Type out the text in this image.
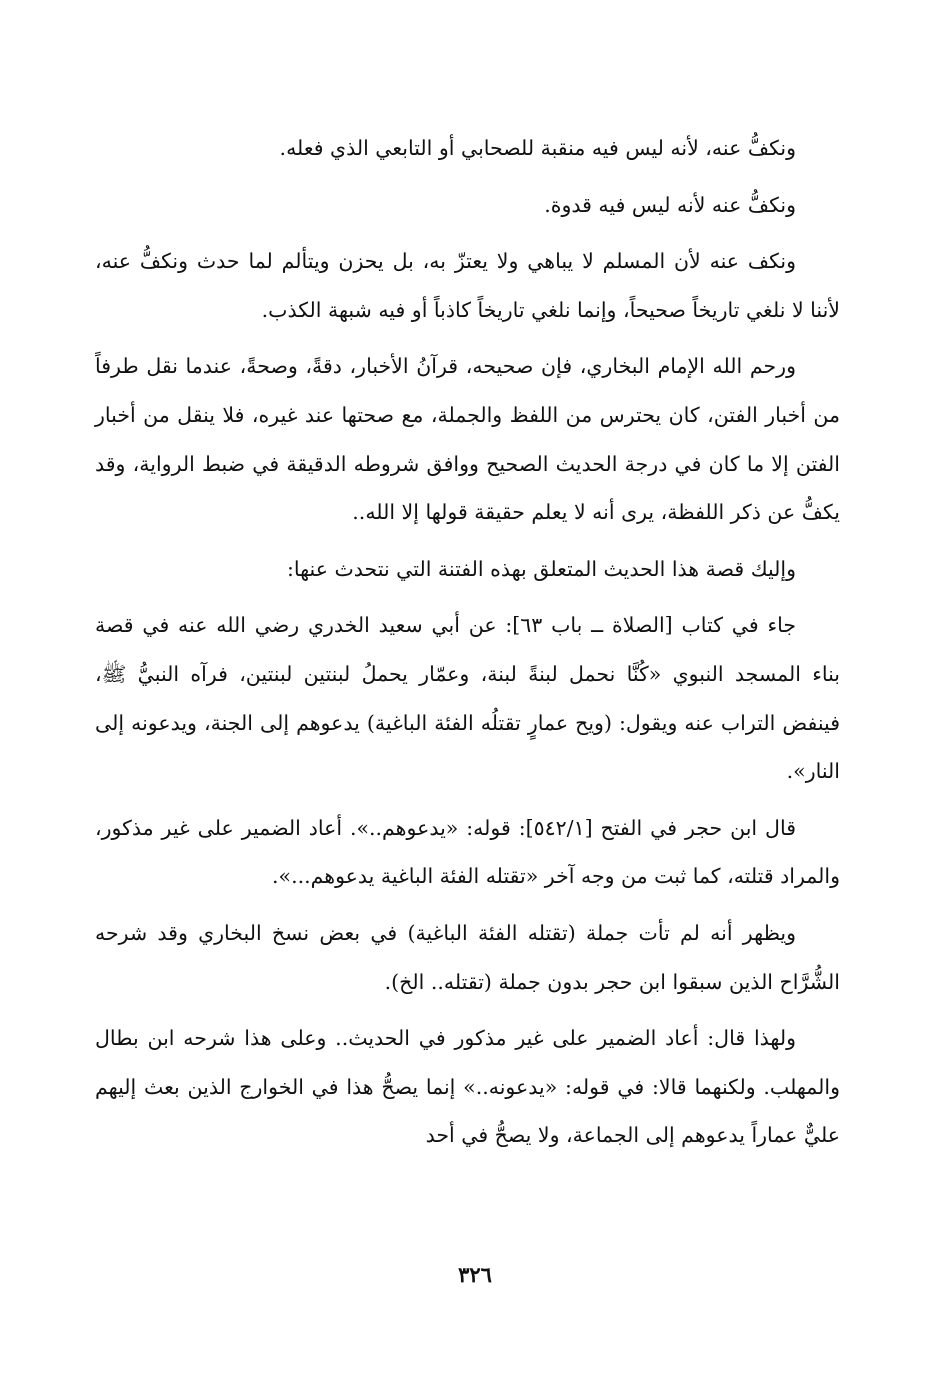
ونكفُّ عنه، لأنه ليس فيه منقبة للصحابي أو التابعي الذي فعله.

ونكفُّ عنه لأنه ليس فيه قدوة.

ونكف عنه لأن المسلم لا يباهي ولا يعتزّ به، بل يحزن ويتألم لما حدث ونكفُّ عنه، لأننا لا نلغي تاريخاً صحيحاً، وإنما نلغي تاريخاً كاذباً أو فيه شبهة الكذب.

ورحم الله الإمام البخاري، فإن صحيحه، قرآنُ الأخبار، دقةً، وصحةً، عندما نقل طرفاً من أخبار الفتن، كان يحترس من اللفظ والجملة، مع صحتها عند غيره، فلا ينقل من أخبار الفتن إلا ما كان في درجة الحديث الصحيح ووافق شروطه الدقيقة في ضبط الرواية، وقد يكفُّ عن ذكر اللفظة، يرى أنه لا يعلم حقيقة قولها إلا الله..

وإليك قصة هذا الحديث المتعلق بهذه الفتنة التي نتحدث عنها:

جاء في كتاب [الصلاة ــ باب ٦٣]: عن أبي سعيد الخدري رضي الله عنه في قصة بناء المسجد النبوي «كُنَّا نحمل لبنةً لبنة، وعمّار يحملُ لبنتين لبنتين، فرآه النبيُّ ﷺ، فينفض التراب عنه ويقول: (ويح عمارٍ تقتلُه الفئة الباغية) يدعوهم إلى الجنة، ويدعونه إلى النار».

قال ابن حجر في الفتح [٥٤٢/١]: قوله: «يدعوهم..». أعاد الضمير على غير مذكور، والمراد قتلته، كما ثبت من وجه آخر «تقتله الفئة الباغية يدعوهم...».

ويظهر أنه لم تأت جملة (تقتله الفئة الباغية) في بعض نسخ البخاري وقد شرحه الشُّرَّاح الذين سبقوا ابن حجر بدون جملة (تقتله.. الخ).

ولهذا قال: أعاد الضمير على غير مذكور في الحديث.. وعلى هذا شرحه ابن بطال والمهلب. ولكنهما قالا: في قوله: «يدعونه..» إنما يصحُّ هذا في الخوارج الذين بعث إليهم عليٌّ عماراً يدعوهم إلى الجماعة، ولا يصحُّ في أحد

٣٢٦
